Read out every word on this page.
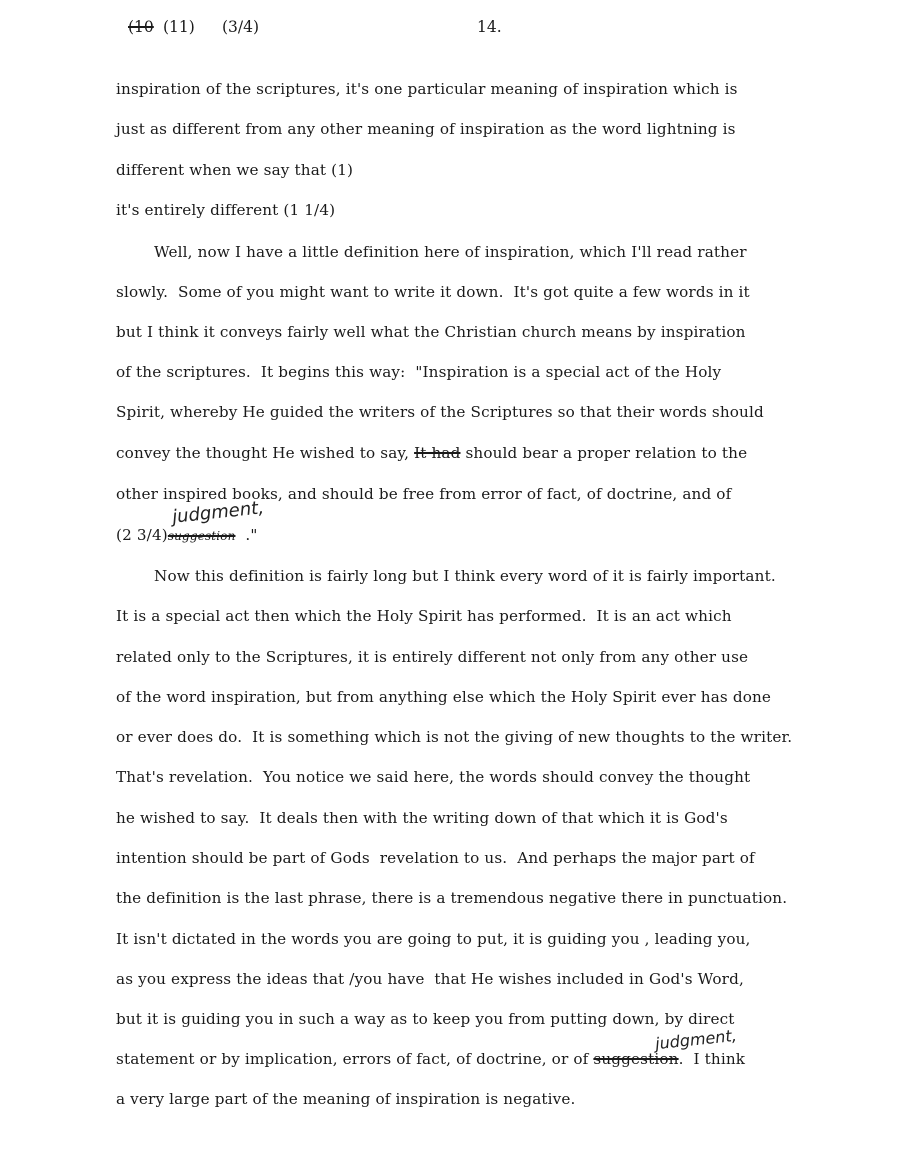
(10 (11) (3/4)	14.
inspiration of the scriptures, it's one particular meaning of inspiration which is
just as different from any other meaning of inspiration as the word lightning is
different when we say that (1)
it's entirely different (1 1/4)
Well, now I have a little definition here of inspiration, which I'll read rather
slowly.  Some of you might want to write it down.  It's got quite a few words in it
but I think it conveys fairly well what the Christian church means by inspiration
of the scriptures.  It begins this way:  "Inspiration is a special act of the Holy
Spirit, whereby He guided the writers of the Scriptures so that their words should
convey the thought He wished to say, It had should bear a proper relation to the
other inspired books, and should be free from error of fact, of doctrine, and of
judgment,
(2 3/4)suggestion  ."
Now this definition is fairly long but I think every word of it is fairly important.
It is a special act then which the Holy Spirit has performed.  It is an act which
related only to the Scriptures, it is entirely different not only from any other use
of the word inspiration, but from anything else which the Holy Spirit ever has done
or ever does do.  It is something which is not the giving of new thoughts to the writer.
That's revelation.  You notice we said here, the words should convey the thought
he wished to say.  It deals then with the writing down of that which it is God's
intention should be part of Gods  revelation to us.  And perhaps the major part of
the definition is the last phrase, there is a tremendous negative there in punctuation.
It isn't dictated in the words you are going to put, it is guiding you , leading you,
as you express the ideas that /you have  that He wishes included in God's Word,
but it is guiding you in such a way as to keep you from putting down, by direct
judgment,
statement or by implication, errors of fact, of doctrine, or of suggestion.  I think
a very large part of the meaning of inspiration is negative.
